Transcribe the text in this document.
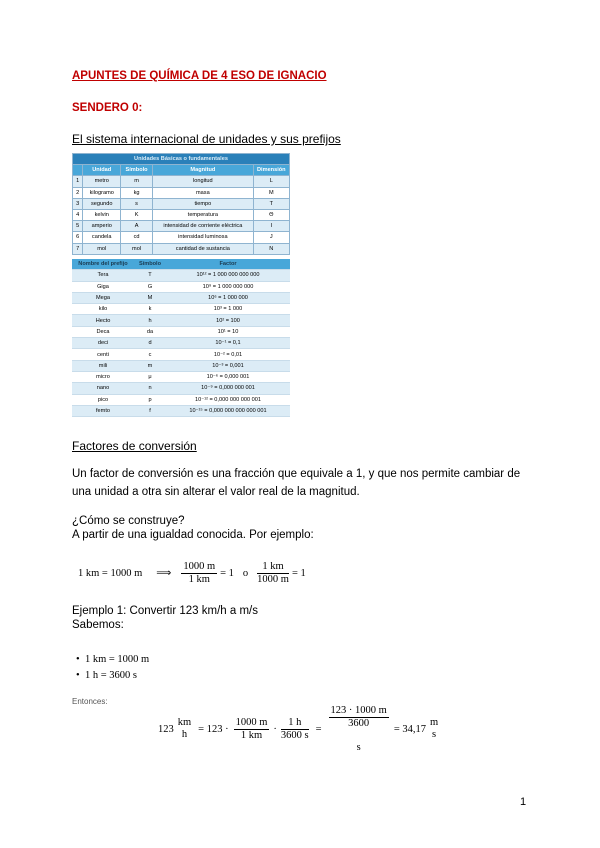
APUNTES DE QUÍMICA DE 4 ESO DE IGNACIO
SENDERO 0:
El sistema internacional de unidades y sus prefijos
Unidades Básicas o fundamentales				
	Unidad	Símbolo	Magnitud	Dimensión
1	metro	m	longitud	L
2	kilogramo	kg	masa	M
3	segundo	s	tiempo	T
4	kelvin	K	temperatura	Θ
5	amperio	A	intensidad de corriente eléctrica	I
6	candela	cd	intensidad luminosa	J
7	mol	mol	cantidad de sustancia	N
Nombre del prefijo	Símbolo	Factor
Tera	T	10¹² = 1 000 000 000 000
Giga	G	10⁹ = 1 000 000 000
Mega	M	10⁶ = 1 000 000
kilo	k	10³ = 1 000
Hecto	h	10² = 100
Deca	da	10¹ = 10
deci	d	10⁻¹ = 0,1
centi	c	10⁻² = 0,01
mili	m	10⁻³ = 0,001
micro	μ	10⁻⁶ = 0,000 001
nano	n	10⁻⁹ = 0,000 000 001
pico	p	10⁻¹² = 0,000 000 000 001
femto	f	10⁻¹⁵ = 0,000 000 000 000 001
Factores de conversión
Un factor de conversión es una fracción que equivale a 1, y que nos permite cambiar de una unidad a otra sin alterar el valor real de la magnitud.
¿Cómo se construye?
A partir de una igualdad conocida. Por ejemplo:
1 km = 1000 m ⟹ $\frac{1000 m}{1 km} = 1$ o $\frac{1 km}{1000 m} = 1$
Ejemplo 1: Convertir 123 km/h a m/s
Sabemos:
• 1 km = 1000 m
• 1 h = 3600 s
Entonces:
123
km
h	= $123 \cdot \frac{1000 m}{1 km} \cdot \frac{1 h}{3600 s} = 123 \cdot 1000$ m
3600

s = 34,17
m
s
1
